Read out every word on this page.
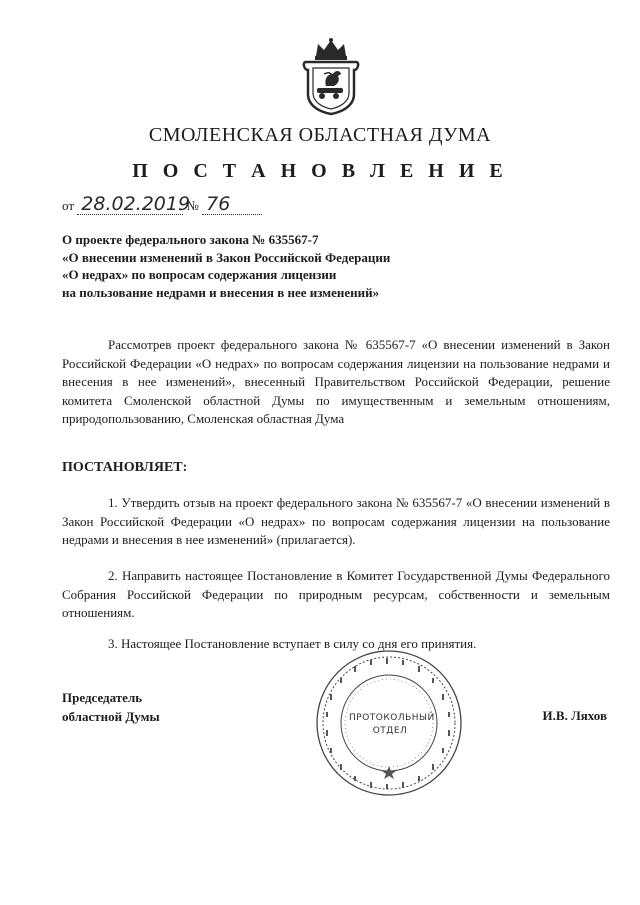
СМОЛЕНСКАЯ ОБЛАСТНАЯ ДУМА
П О С Т А Н О В Л Е Н И Е
от 28.02.2019 № 76
О проекте федерального закона № 635567-7
«О внесении изменений в Закон Российской Федерации
«О недрах» по вопросам содержания лицензии
на пользование недрами и внесения в нее изменений»
Рассмотрев проект федерального закона № 635567-7 «О внесении изменений в Закон Российской Федерации «О недрах» по вопросам содержания лицензии на пользование недрами и внесения в нее изменений», внесенный Правительством Российской Федерации, решение комитета Смоленской областной Думы по имущественным и земельным отношениям, природопользованию, Смоленская областная Дума
ПОСТАНОВЛЯЕТ:
1. Утвердить отзыв на проект федерального закона № 635567-7 «О внесении изменений в Закон Российской Федерации «О недрах» по вопросам содержания лицензии на пользование недрами и внесения в нее изменений» (прилагается).
2. Направить настоящее Постановление в Комитет Государственной Думы Федерального Собрания Российской Федерации по природным ресурсам, собственности и земельным отношениям.
3. Настоящее Постановление вступает в силу со дня его принятия.
Председатель
областной Думы	ПРОТОКОЛЬНЫЙ
ОТДЕЛ
И.В. Ляхов
